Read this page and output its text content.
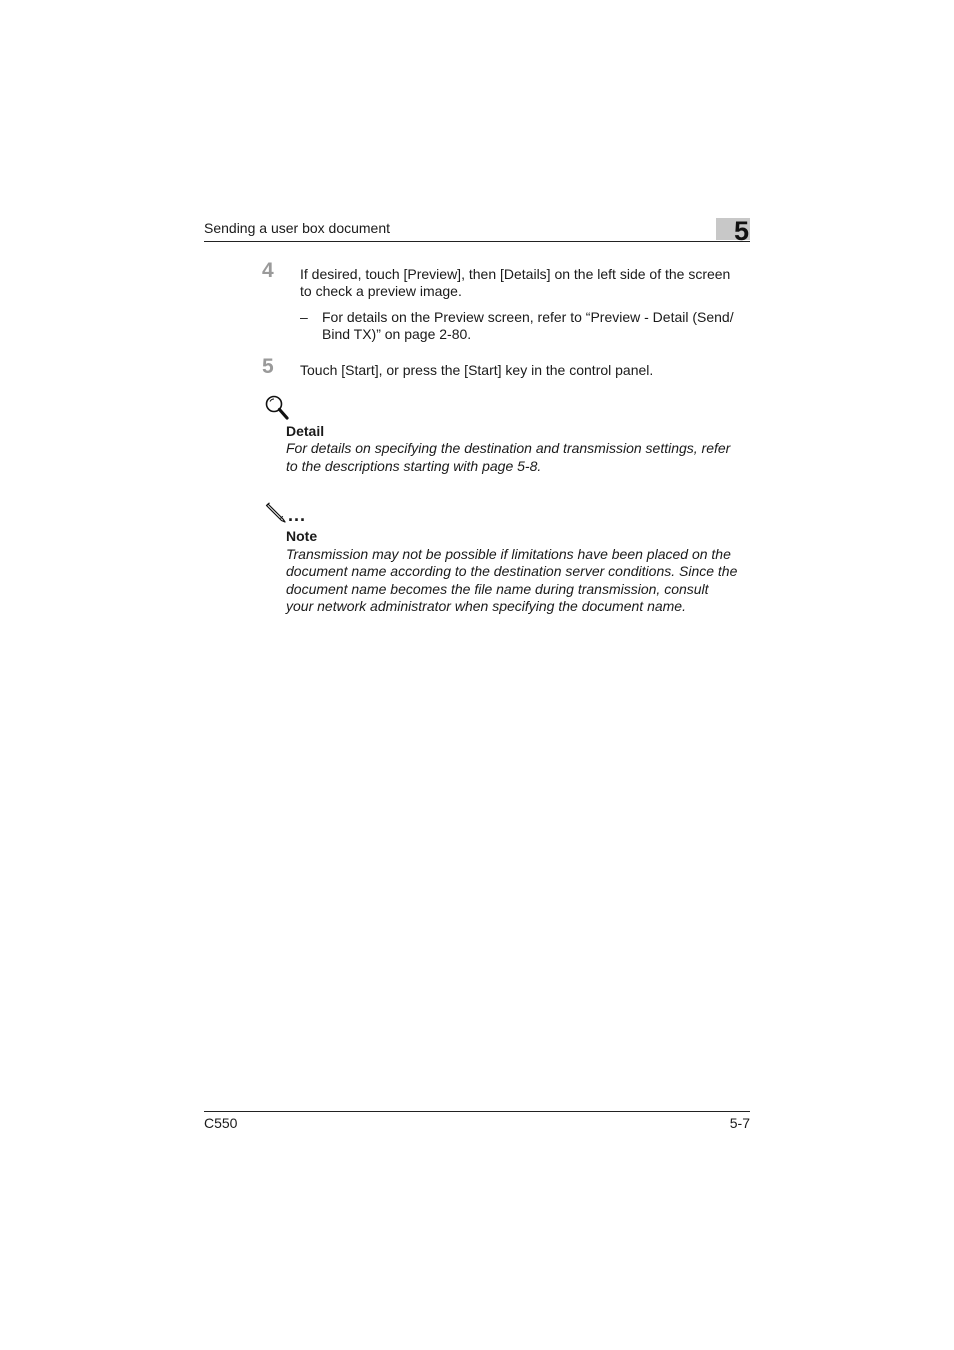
Sending a user box document	5
4 If desired, touch [Preview], then [Details] on the left side of the screen
to check a preview image.
– For details on the Preview screen, refer to “Preview - Detail (Send/
Bind TX)” on page 2-80.
5 Touch [Start], or press the [Start] key in the control panel.
Detail
For details on specifying the destination and transmission settings, refer
to the descriptions starting with page 5-8.
...
Note
Transmission may not be possible if limitations have been placed on the
document name according to the destination server conditions. Since the
document name becomes the file name during transmission, consult
your network administrator when specifying the document name.
C550	5-7
